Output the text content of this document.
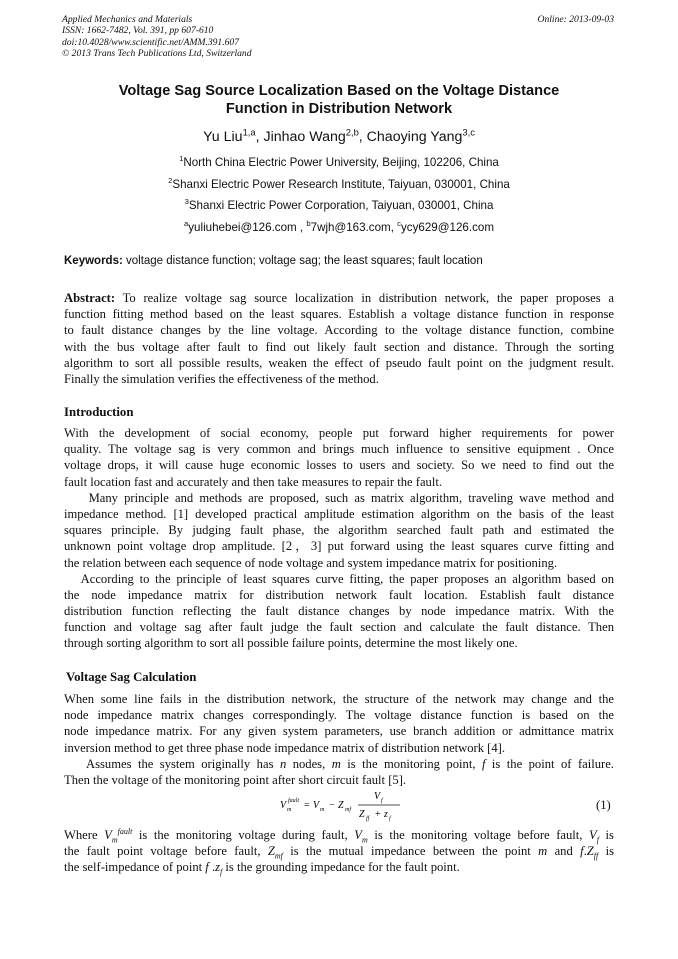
Applied Mechanics and Materials
ISSN: 1662-7482, Vol. 391, pp 607-610
doi:10.4028/www.scientific.net/AMM.391.607
© 2013 Trans Tech Publications Ltd, Switzerland
Online: 2013-09-03
Voltage Sag Source Localization Based on the Voltage Distance
Function in Distribution Network
Yu Liu$^{1,a}$, Jinhao Wang$^{2,b}$, Chaoying Yang$^{3,c}$
$^1$North China Electric Power University, Beijing, 102206, China
$^2$Shanxi Electric Power Research Institute, Taiyuan, 030001, China
$^3$Shanxi Electric Power Corporation, Taiyuan, 030001, China
$^a$yuliuhebei@126.com , $^b$7wjh@163.com, $^c$ycy629@126.com
Keywords: voltage distance function; voltage sag; the least squares; fault location
Abstract: To realize voltage sag source localization in distribution network, the paper proposes a
function fitting method based on the least squares. Establish a voltage distance function in response
to fault distance changes by the line voltage. According to the voltage distance function, combine
with the bus voltage after fault to find out likely fault section and distance. Through the sorting
algorithm to sort all possible results, weaken the effect of pseudo fault point on the judgment result.
Finally the simulation verifies the effectiveness of the method.
Introduction
With the development of social economy, people put forward higher requirements for power
quality. The voltage sag is very common and brings much influence to sensitive equipment . Once
voltage drops, it will cause huge economic losses to users and society. So we need to find out the
fault location fast and accurately and then take measures to repair the fault.
Many principle and methods are proposed, such as matrix algorithm, traveling wave method and
impedance method. [1] developed practical amplitude estimation algorithm on the basis of the least
squares principle. By judging fault phase, the algorithm searched fault path and estimated the
unknown point voltage drop amplitude. [2，3] put forward using the least squares curve fitting and
the relation between each sequence of node voltage and system impedance matrix for positioning.
According to the principle of least squares curve fitting, the paper proposes an algorithm based on
the node impedance matrix for distribution network fault location. Establish fault distance
distribution function reflecting the fault distance changes by node impedance matrix. With the
function and voltage sag after fault judge the fault section and calculate the fault distance. Then
through sorting algorithm to sort all possible failure points, determine the most likely one.
Voltage Sag Calculation
When some line fails in the distribution network, the structure of the network may change and the
node impedance matrix changes correspondingly. The voltage distance function is based on the
node impedance matrix. For any given system parameters, use branch addition or admittance matrix
inversion method to get three phase node impedance matrix of distribution network [4].
Assumes the system originally has n nodes, m is the monitoring point, f is the point of failure.
Then the voltage of the monitoring point after short circuit fault [5].
V m
fault = V m − Z mf
V f
Z ff + z f
(1)
Where $V_m^{fault}$ is the monitoring voltage during fault, $V_m$ is the monitoring voltage before fault, $V_f$ is
the fault point voltage before fault, $Z_{mf}$ is the mutual impedance between the point m and $f.Z_{ff}$ is
the self-impedance of point f $.z_f$ is the grounding impedance for the fault point.
